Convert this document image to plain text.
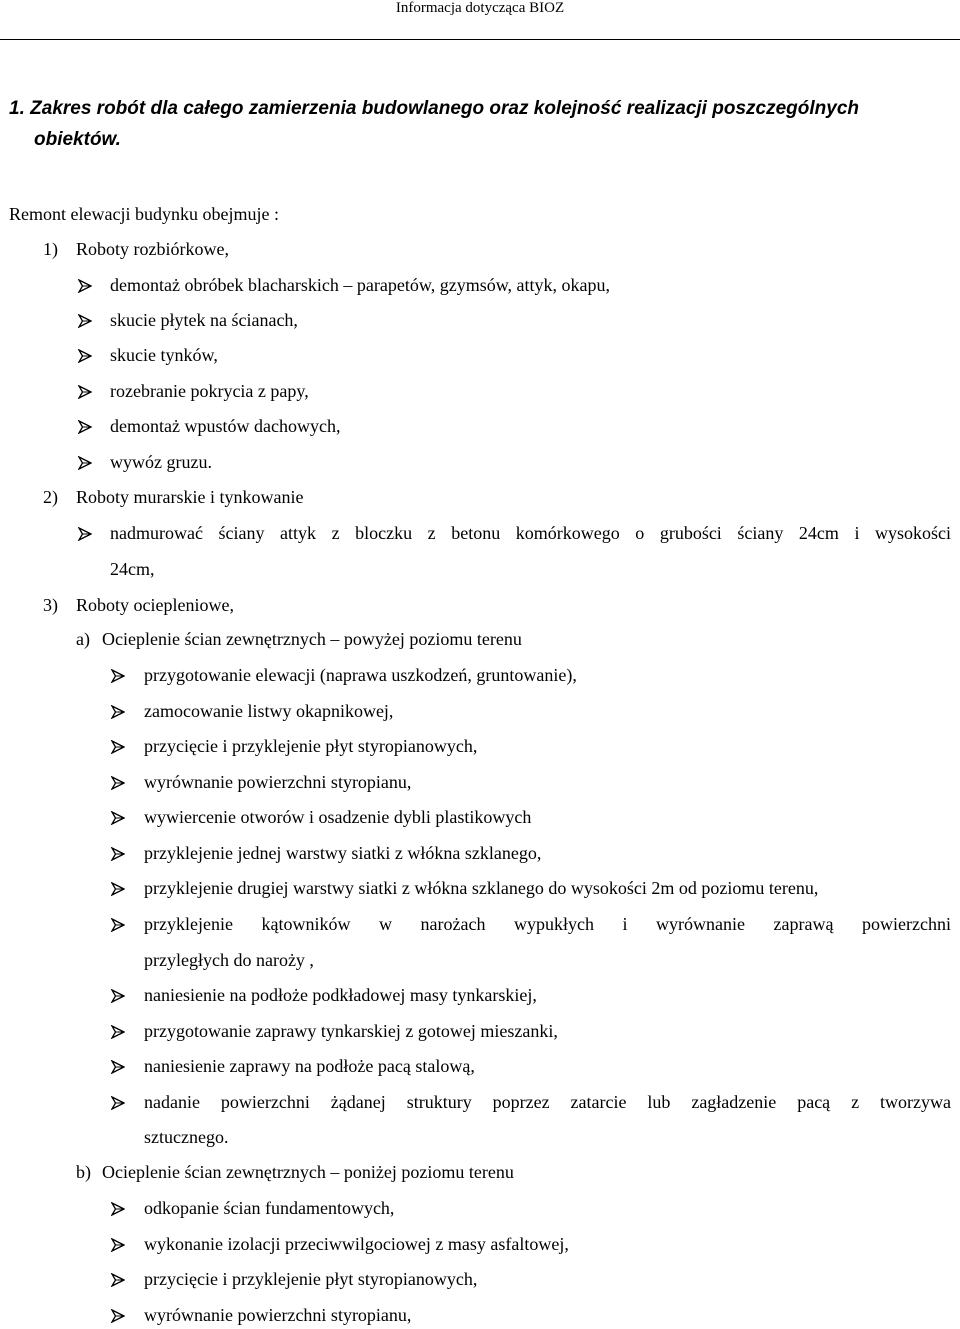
Informacja dotycząca BIOZ
1. Zakres robót dla całego zamierzenia budowlanego oraz kolejność realizacji poszczególnych
obiektów.
Remont elewacji budynku obejmuje :
1) Roboty rozbiórkowe,
demontaż obróbek blacharskich – parapetów, gzymsów, attyk, okapu,
skucie płytek na ścianach,
skucie tynków,
rozebranie pokrycia z papy,
demontaż wpustów dachowych,
wywóz gruzu.
2) Roboty murarskie i tynkowanie
nadmurować ściany attyk z bloczku z betonu komórkowego o grubości ściany 24cm i wysokości
24cm,
3) Roboty ociepleniowe,
a) Ocieplenie ścian zewnętrznych – powyżej poziomu terenu
przygotowanie elewacji (naprawa uszkodzeń, gruntowanie),
zamocowanie listwy okapnikowej,
przycięcie i przyklejenie płyt styropianowych,
wyrównanie powierzchni styropianu,
wywiercenie otworów i osadzenie dybli plastikowych
przyklejenie jednej warstwy siatki z włókna szklanego,
przyklejenie drugiej warstwy siatki z włókna szklanego do wysokości 2m od poziomu terenu,
przyklejenie kątowników w narożach wypukłych i wyrównanie zaprawą powierzchni
przyległych do naroży ,
naniesienie na podłoże podkładowej masy tynkarskiej,
przygotowanie zaprawy tynkarskiej z gotowej mieszanki,
naniesienie zaprawy na podłoże pacą stalową,
nadanie powierzchni żądanej struktury poprzez zatarcie lub zagładzenie pacą z tworzywa
sztucznego.
b) Ocieplenie ścian zewnętrznych – poniżej poziomu terenu
odkopanie ścian fundamentowych,
wykonanie izolacji przeciwwilgociowej z masy asfaltowej,
przycięcie i przyklejenie płyt styropianowych,
wyrównanie powierzchni styropianu,
